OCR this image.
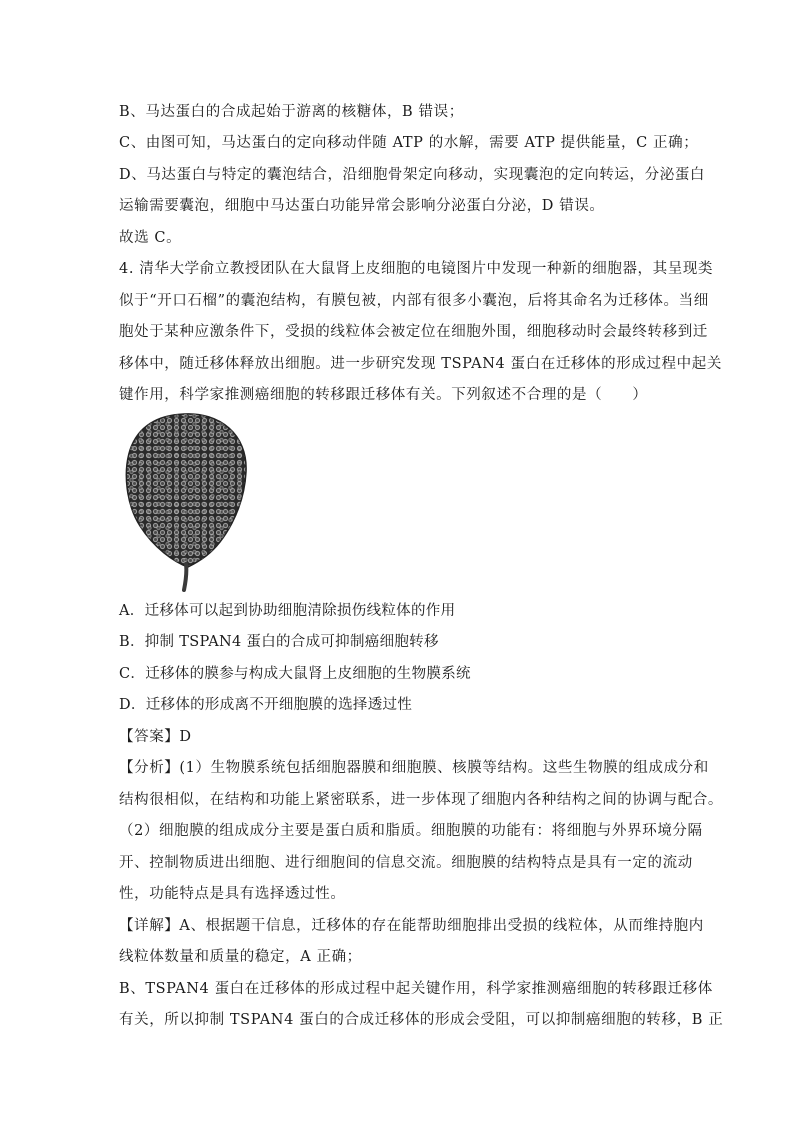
B、马达蛋白的合成起始于游离的核糖体，B 错误；
C、由图可知，马达蛋白的定向移动伴随 ATP 的水解，需要 ATP 提供能量，C 正确；
D、马达蛋白与特定的囊泡结合，沿细胞骨架定向移动，实现囊泡的定向转运，分泌蛋白
运输需要囊泡，细胞中马达蛋白功能异常会影响分泌蛋白分泌，D 错误。
故选 C。
4. 清华大学俞立教授团队在大鼠肾上皮细胞的电镜图片中发现一种新的细胞器，其呈现类
似于“开口石榴”的囊泡结构，有膜包被，内部有很多小囊泡，后将其命名为迁移体。当细
胞处于某种应激条件下，受损的线粒体会被定位在细胞外围，细胞移动时会最终转移到迁
移体中，随迁移体释放出细胞。进一步研究发现 TSPAN4 蛋白在迁移体的形成过程中起关
键作用，科学家推测癌细胞的转移跟迁移体有关。下列叙述不合理的是（　　）
A．迁移体可以起到协助细胞清除损伤线粒体的作用
B．抑制 TSPAN4 蛋白的合成可抑制癌细胞转移
C．迁移体的膜参与构成大鼠肾上皮细胞的生物膜系统
D．迁移体的形成离不开细胞膜的选择透过性
【答案】D
【分析】(1）生物膜系统包括细胞器膜和细胞膜、核膜等结构。这些生物膜的组成成分和
结构很相似，在结构和功能上紧密联系，进一步体现了细胞内各种结构之间的协调与配合。
（2）细胞膜的组成成分主要是蛋白质和脂质。细胞膜的功能有：将细胞与外界环境分隔
开、控制物质进出细胞、进行细胞间的信息交流。细胞膜的结构特点是具有一定的流动
性，功能特点是具有选择透过性。
【详解】A、根据题干信息，迁移体的存在能帮助细胞排出受损的线粒体，从而维持胞内
线粒体数量和质量的稳定，A 正确；
B、TSPAN4 蛋白在迁移体的形成过程中起关键作用，科学家推测癌细胞的转移跟迁移体
有关，所以抑制 TSPAN4 蛋白的合成迁移体的形成会受阻，可以抑制癌细胞的转移，B 正
